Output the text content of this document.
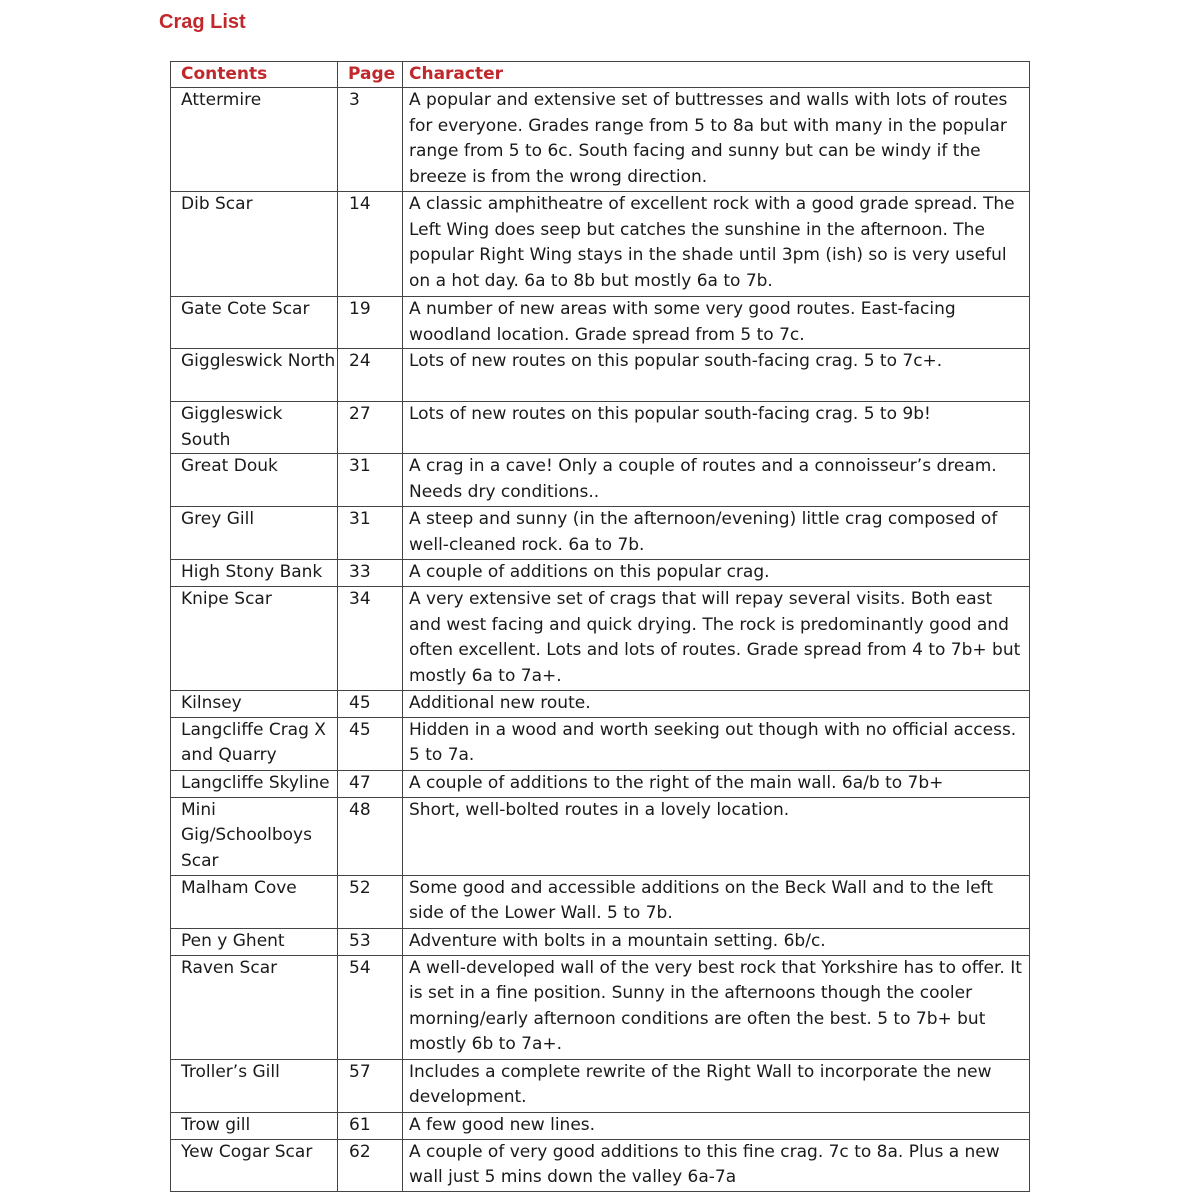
Crag List
Contents	Page	Character
Attermire	3	A popular and extensive set of buttresses and walls with lots of routes for everyone. Grades range from 5 to 8a but with many in the popular range from 5 to 6c. South facing and sunny but can be windy if the breeze is from the wrong direction.
Dib Scar	14	A classic amphitheatre of excellent rock with a good grade spread. The Left Wing does seep but catches the sunshine in the afternoon. The popular Right Wing stays in the shade until 3pm (ish) so is very useful on a hot day. 6a to 8b but mostly 6a to 7b.
Gate Cote Scar	19	A number of new areas with some very good routes. East-facing woodland location. Grade spread from 5 to 7c.
Giggleswick North	24	Lots of new routes on this popular south-facing crag. 5 to 7c+.
Giggleswick South	27	Lots of new routes on this popular south-facing crag. 5 to 9b!
Great Douk	31	A crag in a cave! Only a couple of routes and a connoisseur’s dream. Needs dry conditions..
Grey Gill	31	A steep and sunny (in the afternoon/evening) little crag composed of well-cleaned rock. 6a to 7b.
High Stony Bank	33	A couple of additions on this popular crag.
Knipe Scar	34	A very extensive set of crags that will repay several visits. Both east and west facing and quick drying. The rock is predominantly good and often excellent. Lots and lots of routes. Grade spread from 4 to 7b+ but mostly 6a to 7a+.
Kilnsey	45	Additional new route.
Langcliffe Crag X and Quarry	45	Hidden in a wood and worth seeking out though with no official access. 5 to 7a.
Langcliffe Skyline	47	A couple of additions to the right of the main wall. 6a/b to 7b+
Mini Gig/Schoolboys Scar	48	Short, well-bolted routes in a lovely location.
Malham Cove	52	Some good and accessible additions on the Beck Wall and to the left side of the Lower Wall. 5 to 7b.
Pen y Ghent	53	Adventure with bolts in a mountain setting. 6b/c.
Raven Scar	54	A well-developed wall of the very best rock that Yorkshire has to offer. It is set in a fine position. Sunny in the afternoons though the cooler morning/early afternoon conditions are often the best. 5 to 7b+ but mostly 6b to 7a+.
Troller’s Gill	57	Includes a complete rewrite of the Right Wall to incorporate the new development.
Trow gill	61	A few good new lines.
Yew Cogar Scar	62	A couple of very good additions to this fine crag. 7c to 8a. Plus a new wall just 5 mins down the valley 6a-7a
